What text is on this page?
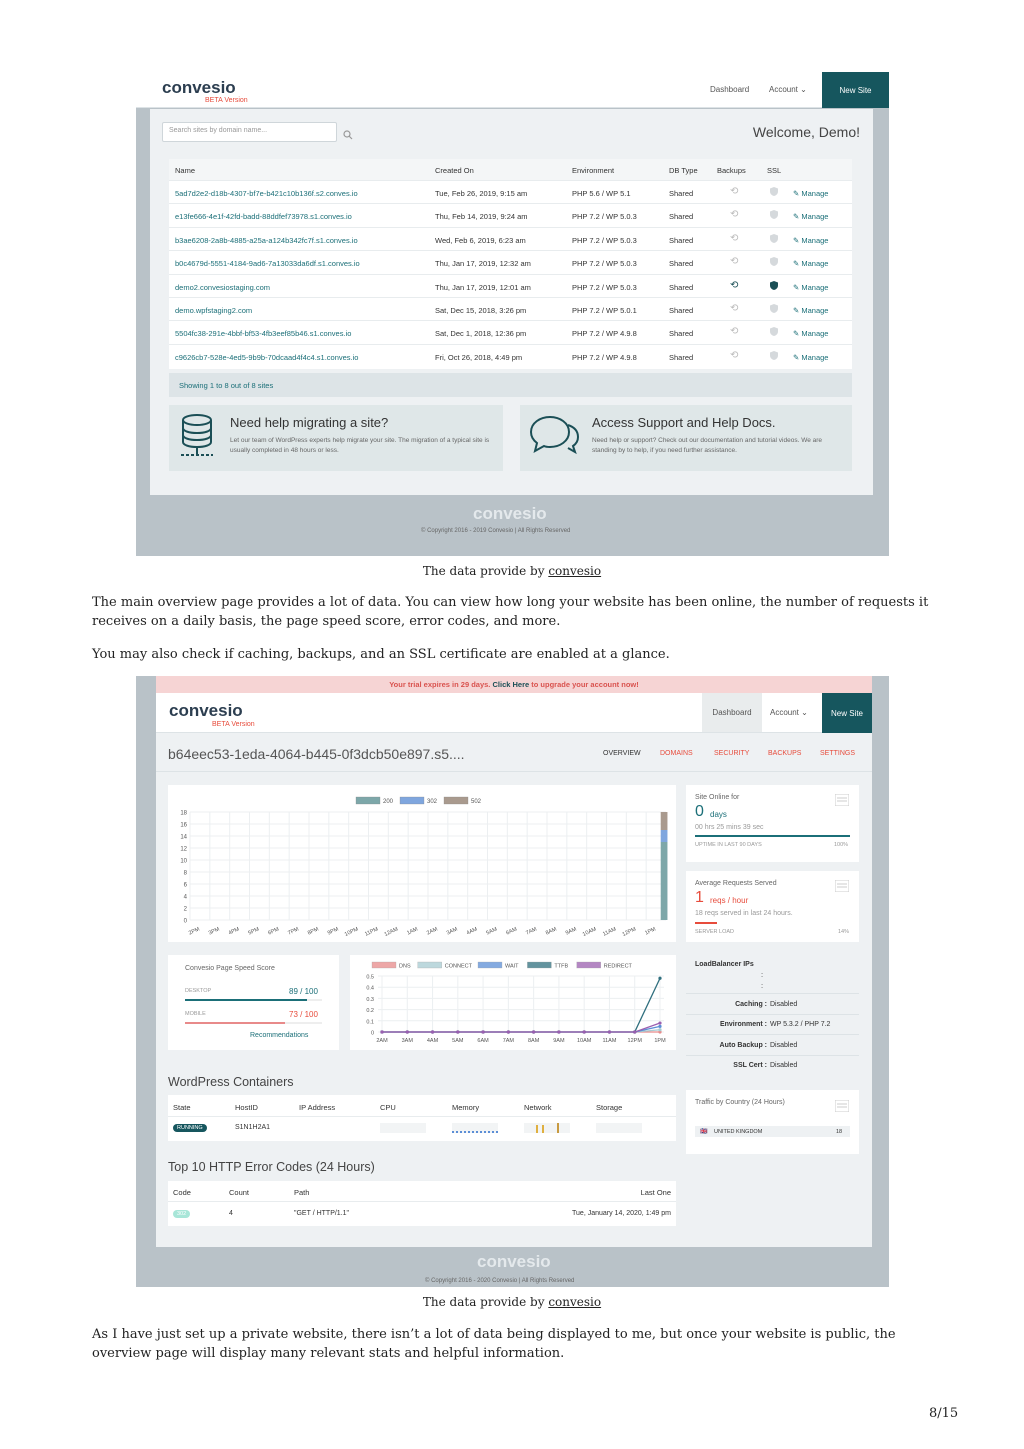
convesio
BETA Version
Dashboard Account ⌄	New Site
Search sites by domain name...	Welcome, Demo!
Name	Created On	Environment	DB Type	Backups	SSL
5ad7d2e2-d18b-4307-bf7e-b421c10b136f.s2.conves.io	Tue, Feb 26, 2019, 9:15 am	PHP 5.6 / WP 5.1	Shared	⟲	✎ Manage
e13fe666-4e1f-42fd-badd-88ddfef73978.s1.conves.io	Thu, Feb 14, 2019, 9:24 am	PHP 7.2 / WP 5.0.3	Shared	⟲	✎ Manage
b3ae6208-2a8b-4885-a25a-a124b342fc7f.s1.conves.io	Wed, Feb 6, 2019, 6:23 am	PHP 7.2 / WP 5.0.3	Shared	⟲	✎ Manage
b0c4679d-5551-4184-9ad6-7a13033da6df.s1.conves.io	Thu, Jan 17, 2019, 12:32 am	PHP 7.2 / WP 5.0.3	Shared	⟲	✎ Manage
demo2.convesiostaging.com	Thu, Jan 17, 2019, 12:01 am	PHP 7.2 / WP 5.0.3	Shared	⟲	✎ Manage
demo.wpfstaging2.com	Sat, Dec 15, 2018, 3:26 pm	PHP 7.2 / WP 5.0.1	Shared	⟲	✎ Manage
5504fc38-291e-4bbf-bf53-4fb3eef85b46.s1.conves.io	Sat, Dec 1, 2018, 12:36 pm	PHP 7.2 / WP 4.9.8	Shared	⟲	✎ Manage
c9626cb7-528e-4ed5-9b9b-70dcaad4f4c4.s1.conves.io	Fri, Oct 26, 2018, 4:49 pm	PHP 7.2 / WP 4.9.8	Shared	⟲	✎ Manage
Showing 1 to 8 out of 8 sites
Need help migrating a site?

Let our team of WordPress experts help migrate your site. The migration of a typical site is usually completed in 48 hours or less.

Access Support and Help Docs.

Need help or support? Check out our documentation and tutorial videos. We are standing by to help, if you need further assistance.

convesio
© Copyright 2016 - 2019 Convesio | All Rights Reserved
The data provide by convesio
The main overview page provides a lot of data. You can view how long your website has been online, the number of requests it receives on a daily basis, the page speed score, error codes, and more.
You may also check if caching, backups, and an SSL certificate are enabled at a glance.
Your trial expires in 29 days. Click Here to upgrade your account now!
convesio
BETA Version
Dashboard	Account ⌄	New Site
b64eec53-1eda-4064-b445-0f3dcb50e897.s5....	OVERVIEW	DOMAINS	SECURITY	BACKUPS	SETTINGS
0
2
4
6
8
10
12
14
16
18
2PM 3PM 4PM 5PM 6PM 7PM 8PM 9PM 10PM 11PM 12AM 1AM 2AM 3AM 4AM 5AM 6AM 7AM 8AM 9AM 10AM 11AM 12PM 1PM
200	302	502
Site Online for
0 days
00 hrs 25 mins 39 sec
UPTIME IN LAST 90 DAYS	100%
Average Requests Served
1 reqs / hour
18 reqs served in last 24 hours.
SERVER LOAD	14%
Convesio Page Speed Score
DESKTOP	89 / 100
MOBILE	73 / 100
Recommendations	0
0.1
0.2
0.3
0.4
0.5
2AM	3AM	4AM	5AM	6AM	7AM	8AM	9AM 10AM 11AM 12PM 1PM
DNS	CONNECT	WAIT	TTFB	REDIRECT	LoadBalancer IPs
:
:
Caching : Disabled
Environment : WP 5.3.2 / PHP 7.2
Auto Backup : Disabled
SSL Cert : Disabled
WordPress Containers
State	HostID	IP Address	CPU	Memory	Network	Storage
RUNNING	S1N1H2A1
Traffic by Country (24 Hours)
🇬🇧 UNITED KINGDOM	18
Top 10 HTTP Error Codes (24 Hours)
Code	Count	Path	Last One
302	4	"GET / HTTP/1.1"	Tue, January 14, 2020, 1:49 pm
convesio
© Copyright 2016 - 2020 Convesio | All Rights Reserved
The data provide by convesio
As I have just set up a private website, there isn’t a lot of data being displayed to me, but once your website is public, the overview page will display many relevant stats and helpful information.
8/15
